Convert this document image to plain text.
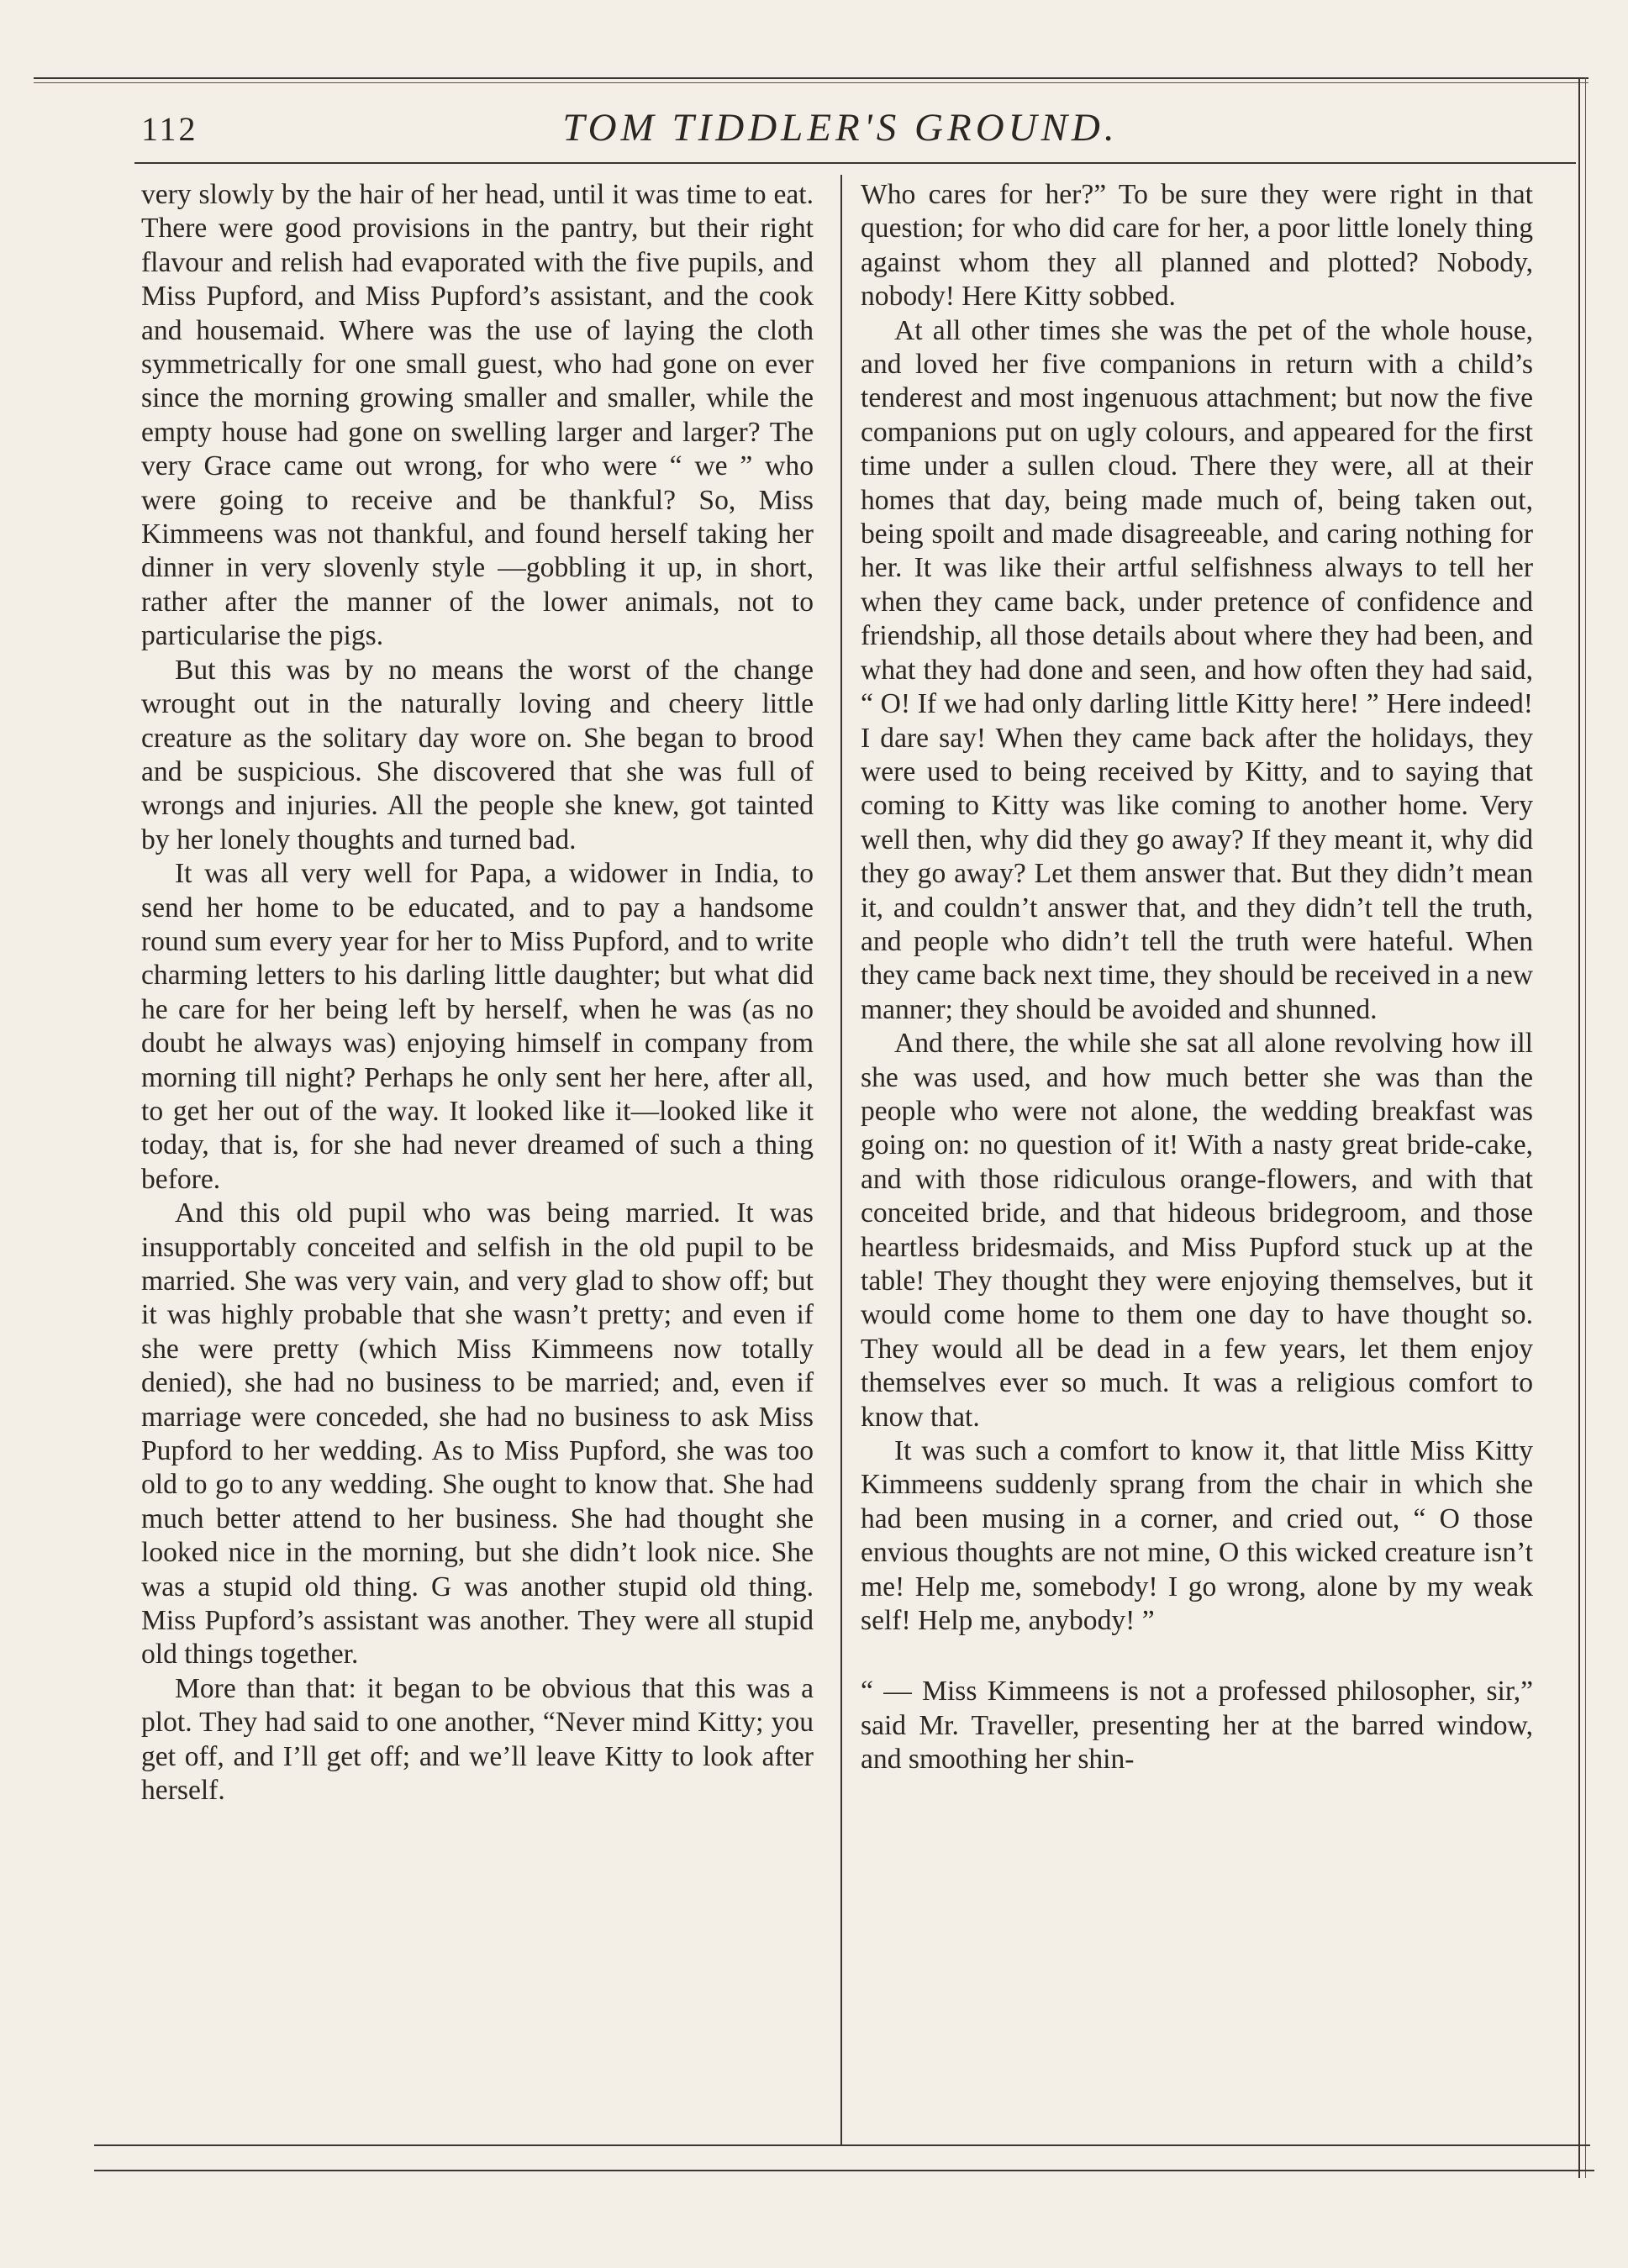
112	TOM TIDDLER'S GROUND.

very slowly by the hair of her head, until it was time to eat. There were good provisions in the pantry, but their right flavour and relish had evaporated with the five pupils, and Miss Pupford, and Miss Pupford’s assistant, and the cook and housemaid. Where was the use of laying the cloth symmetrically for one small guest, who had gone on ever since the morning growing smaller and smaller, while the empty house had gone on swelling larger and larger? The very Grace came out wrong, for who were “ we ” who were going to receive and be thankful? So, Miss Kimmeens was not thankful, and found herself taking her dinner in very slovenly style —gobbling it up, in short, rather after the manner of the lower animals, not to particularise the pigs.

But this was by no means the worst of the change wrought out in the naturally loving and cheery little creature as the solitary day wore on. She began to brood and be suspicious. She discovered that she was full of wrongs and injuries. All the people she knew, got tainted by her lonely thoughts and turned bad.

It was all very well for Papa, a widower in India, to send her home to be educated, and to pay a handsome round sum every year for her to Miss Pupford, and to write charming letters to his darling little daughter; but what did he care for her being left by herself, when he was (as no doubt he always was) enjoying himself in company from morning till night? Perhaps he only sent her here, after all, to get her out of the way. It looked like it—looked like it today, that is, for she had never dreamed of such a thing before.

And this old pupil who was being married. It was insupportably conceited and selfish in the old pupil to be married. She was very vain, and very glad to show off; but it was highly probable that she wasn’t pretty; and even if she were pretty (which Miss Kimmeens now totally denied), she had no business to be married; and, even if marriage were conceded, she had no business to ask Miss Pupford to her wedding. As to Miss Pupford, she was too old to go to any wedding. She ought to know that. She had much better attend to her business. She had thought she looked nice in the morning, but she didn’t look nice. She was a stupid old thing. G was another stupid old thing. Miss Pupford’s assistant was another. They were all stupid old things together.

More than that: it began to be obvious that this was a plot. They had said to one another, “Never mind Kitty; you get off, and I’ll get off; and we’ll leave Kitty to look after herself.

Who cares for her?” To be sure they were right in that question; for who did care for her, a poor little lonely thing against whom they all planned and plotted? Nobody, nobody! Here Kitty sobbed.

At all other times she was the pet of the whole house, and loved her five companions in return with a child’s tenderest and most ingenuous attachment; but now the five companions put on ugly colours, and appeared for the first time under a sullen cloud. There they were, all at their homes that day, being made much of, being taken out, being spoilt and made disagreeable, and caring nothing for her. It was like their artful selfishness always to tell her when they came back, under pretence of confidence and friendship, all those details about where they had been, and what they had done and seen, and how often they had said, “ O! If we had only darling little Kitty here! ” Here indeed! I dare say! When they came back after the holidays, they were used to being received by Kitty, and to saying that coming to Kitty was like coming to another home. Very well then, why did they go away? If they meant it, why did they go away? Let them answer that. But they didn’t mean it, and couldn’t answer that, and they didn’t tell the truth, and people who didn’t tell the truth were hateful. When they came back next time, they should be received in a new manner; they should be avoided and shunned.

And there, the while she sat all alone revolving how ill she was used, and how much better she was than the people who were not alone, the wedding breakfast was going on: no question of it! With a nasty great bride-cake, and with those ridiculous orange-flowers, and with that conceited bride, and that hideous bridegroom, and those heartless bridesmaids, and Miss Pupford stuck up at the table! They thought they were enjoying themselves, but it would come home to them one day to have thought so. They would all be dead in a few years, let them enjoy themselves ever so much. It was a religious comfort to know that.

It was such a comfort to know it, that little Miss Kitty Kimmeens suddenly sprang from the chair in which she had been musing in a corner, and cried out, “ O those envious thoughts are not mine, O this wicked creature isn’t me! Help me, somebody! I go wrong, alone by my weak self! Help me, anybody! ”

“ — Miss Kimmeens is not a professed philosopher, sir,” said Mr. Traveller, presenting her at the barred window, and smoothing her shin-
